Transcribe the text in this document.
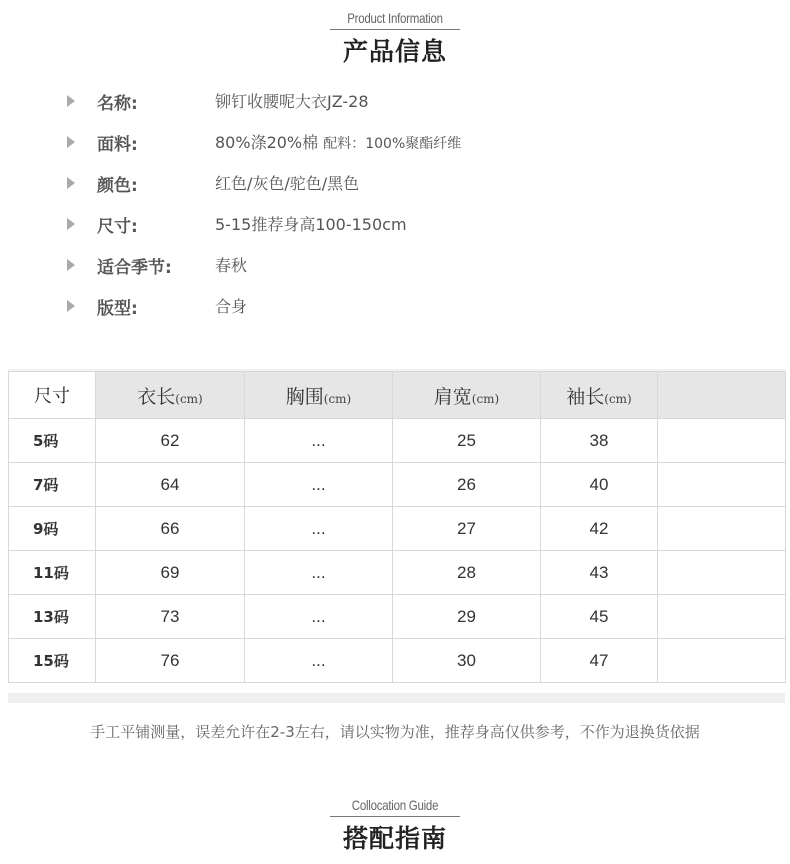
Product Information
产品信息
名称:	铆钉收腰呢大衣JZ-28
面料:	80%涤20%棉 配料：100%聚酯纤维
颜色:	红色/灰色/驼色/黑色
尺寸:	5-15推荐身高100-150cm
适合季节:	春秋
版型:	合身
尺寸	衣长(cm)	胸围(cm)	肩宽(cm)	袖长(cm)	
5码	62	...	25	38	
7码	64	...	26	40	
9码	66	...	27	42	
11码	69	...	28	43	
13码	73	...	29	45	
15码	76	...	30	47	
手工平铺测量，误差允许在2-3左右，请以实物为准，推荐身高仅供参考，不作为退换货依据
Collocation Guide
搭配指南
